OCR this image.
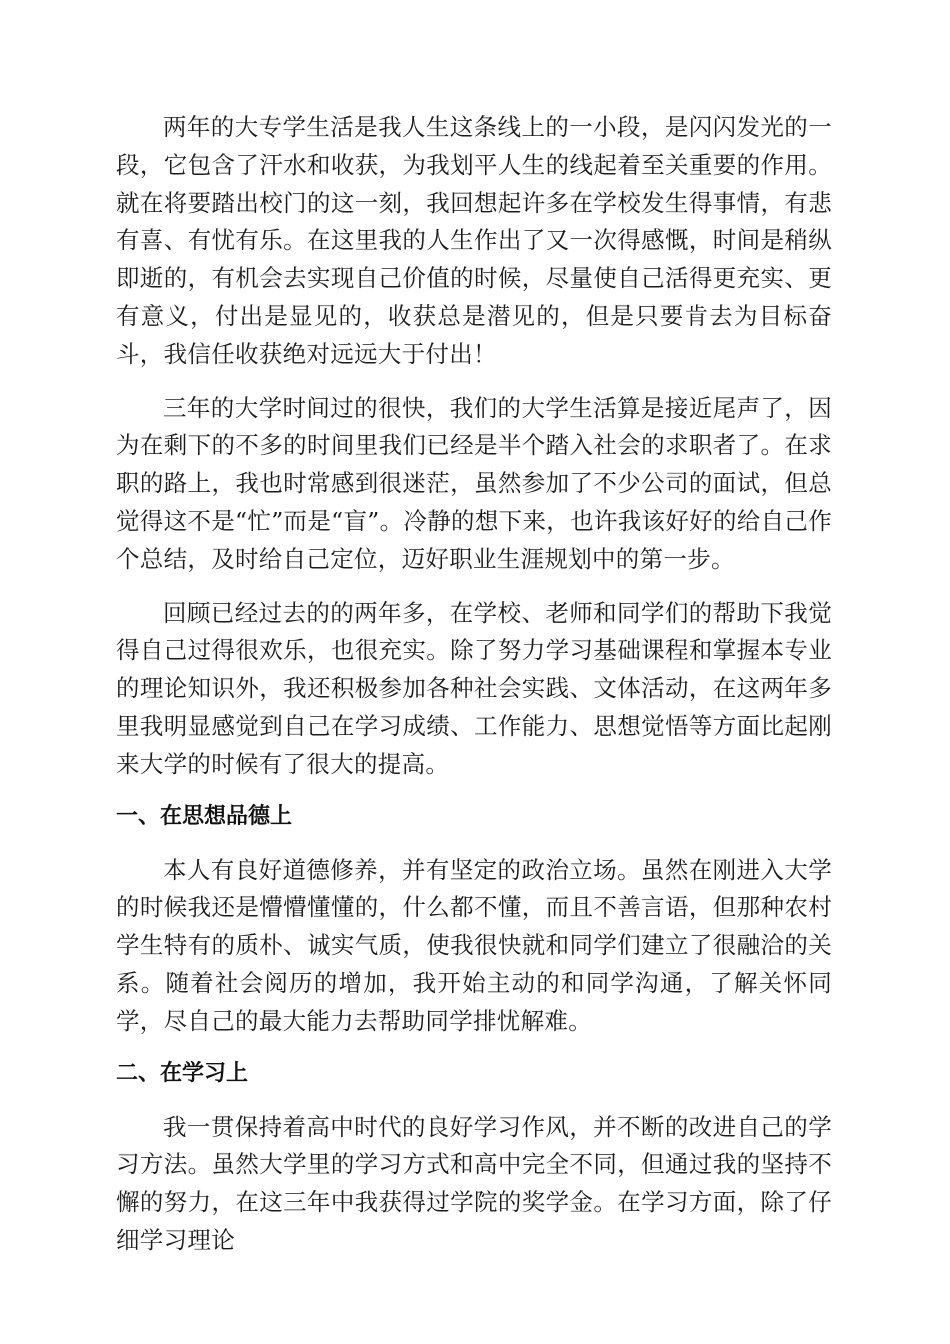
两年的大专学生活是我人生这条线上的一小段，是闪闪发光的一段，它包含了汗水和收获，为我划平人生的线起着至关重要的作用。就在将要踏出校门的这一刻，我回想起许多在学校发生得事情，有悲有喜、有忧有乐。在这里我的人生作出了又一次得感慨，时间是稍纵即逝的，有机会去实现自己价值的时候，尽量使自己活得更充实、更有意义，付出是显见的，收获总是潜见的，但是只要肯去为目标奋斗，我信任收获绝对远远大于付出！

三年的大学时间过的很快，我们的大学生活算是接近尾声了，因为在剩下的不多的时间里我们已经是半个踏入社会的求职者了。在求职的路上，我也时常感到很迷茫，虽然参加了不少公司的面试，但总觉得这不是“忙”而是“盲”。冷静的想下来，也许我该好好的给自己作个总结，及时给自己定位，迈好职业生涯规划中的第一步。

回顾已经过去的的两年多，在学校、老师和同学们的帮助下我觉得自己过得很欢乐，也很充实。除了努力学习基础课程和掌握本专业的理论知识外，我还积极参加各种社会实践、文体活动，在这两年多里我明显感觉到自己在学习成绩、工作能力、思想觉悟等方面比起刚来大学的时候有了很大的提高。

一、在思想品德上

本人有良好道德修养，并有坚定的政治立场。虽然在刚进入大学的时候我还是懵懵懂懂的，什么都不懂，而且不善言语，但那种农村学生特有的质朴、诚实气质，使我很快就和同学们建立了很融洽的关系。随着社会阅历的增加，我开始主动的和同学沟通，了解关怀同学，尽自己的最大能力去帮助同学排忧解难。

二、在学习上

我一贯保持着高中时代的良好学习作风，并不断的改进自己的学习方法。虽然大学里的学习方式和高中完全不同，但通过我的坚持不懈的努力，在这三年中我获得过学院的奖学金。在学习方面，除了仔细学习理论
